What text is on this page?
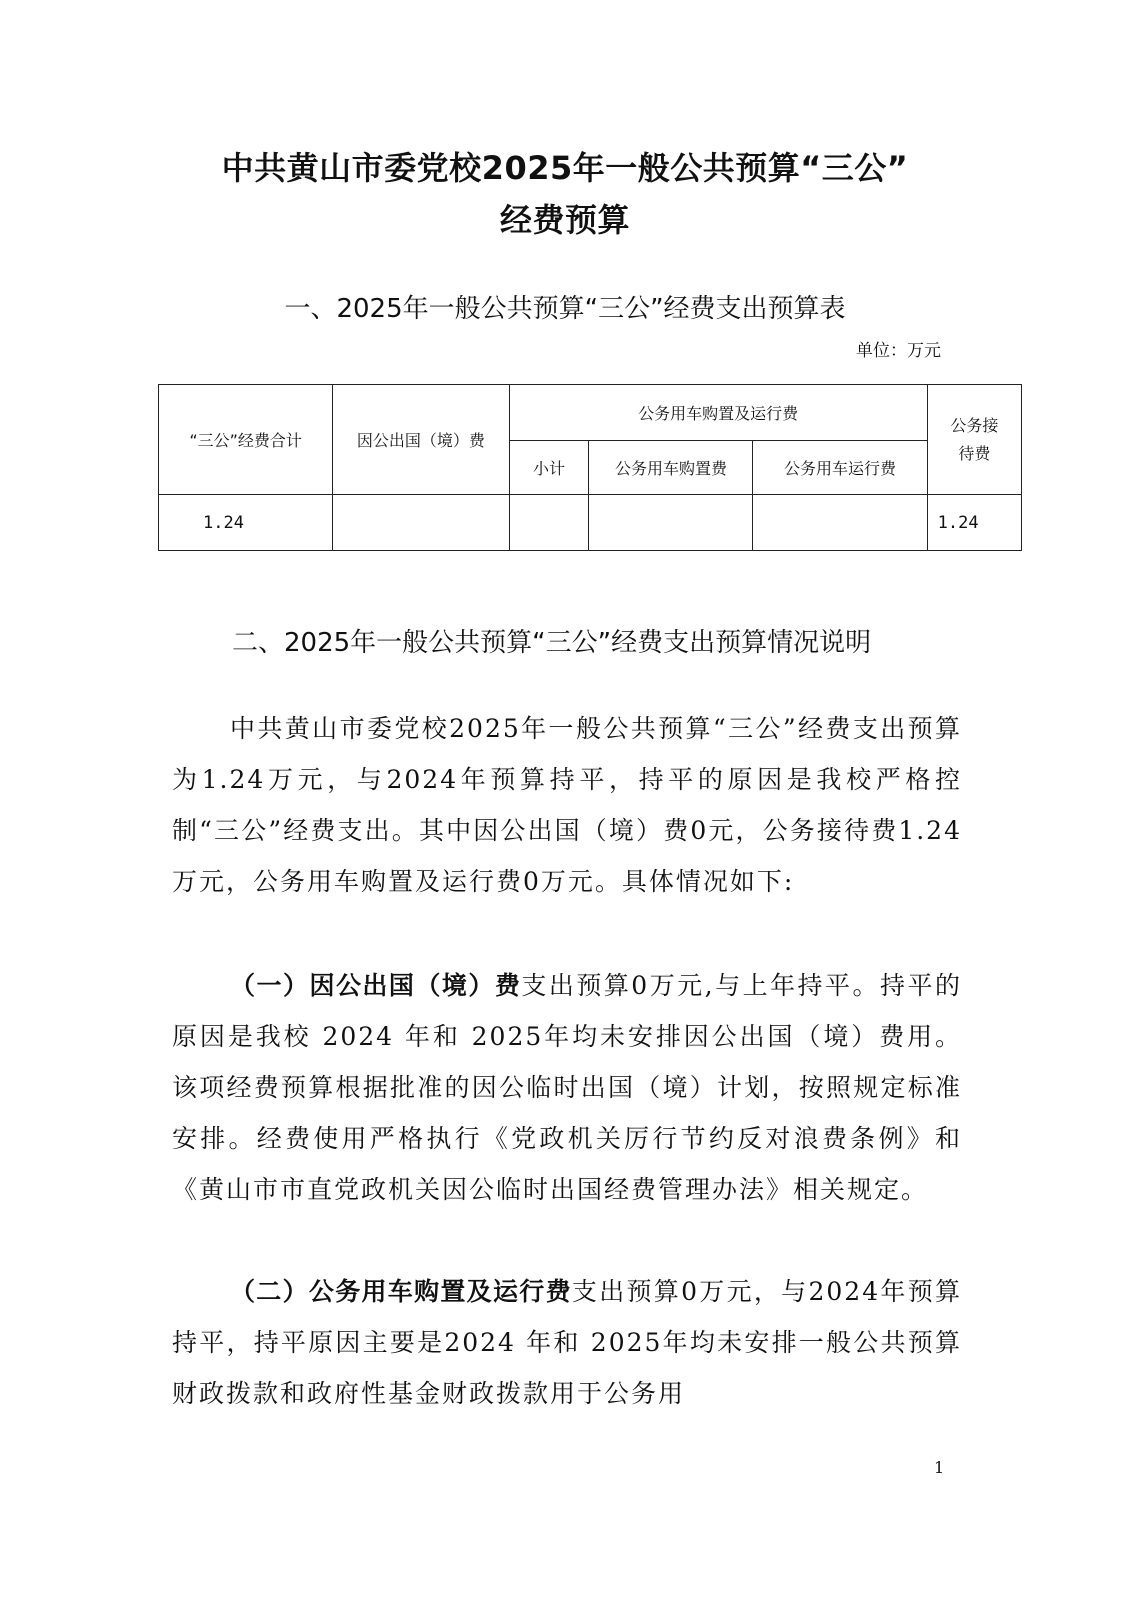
中共黄山市委党校2025年一般公共预算“三公”
经费预算
一、2025年一般公共预算“三公”经费支出预算表
单位：万元
“三公”经费合计	因公出国（境）费	公务用车购置及运行费			公务接待费
		小计	公务用车购置费	公务用车运行费	
1.24					1.24
二、2025年一般公共预算“三公”经费支出预算情况说明
中共黄山市委党校2025年一般公共预算“三公”经费支出预算为1.24万元，与2024年预算持平，持平的原因是我校严格控制“三公”经费支出。其中因公出国（境）费0元，公务接待费1.24万元，公务用车购置及运行费0万元。具体情况如下:
（一）因公出国（境）费支出预算0万元,与上年持平。持平的原因是我校 2024 年和 2025年均未安排因公出国（境）费用。该项经费预算根据批准的因公临时出国（境）计划，按照规定标准安排。经费使用严格执行《党政机关厉行节约反对浪费条例》和《黄山市市直党政机关因公临时出国经费管理办法》相关规定。
（二）公务用车购置及运行费支出预算0万元，与2024年预算持平，持平原因主要是2024 年和 2025年均未安排一般公共预算财政拨款和政府性基金财政拨款用于公务用
1
